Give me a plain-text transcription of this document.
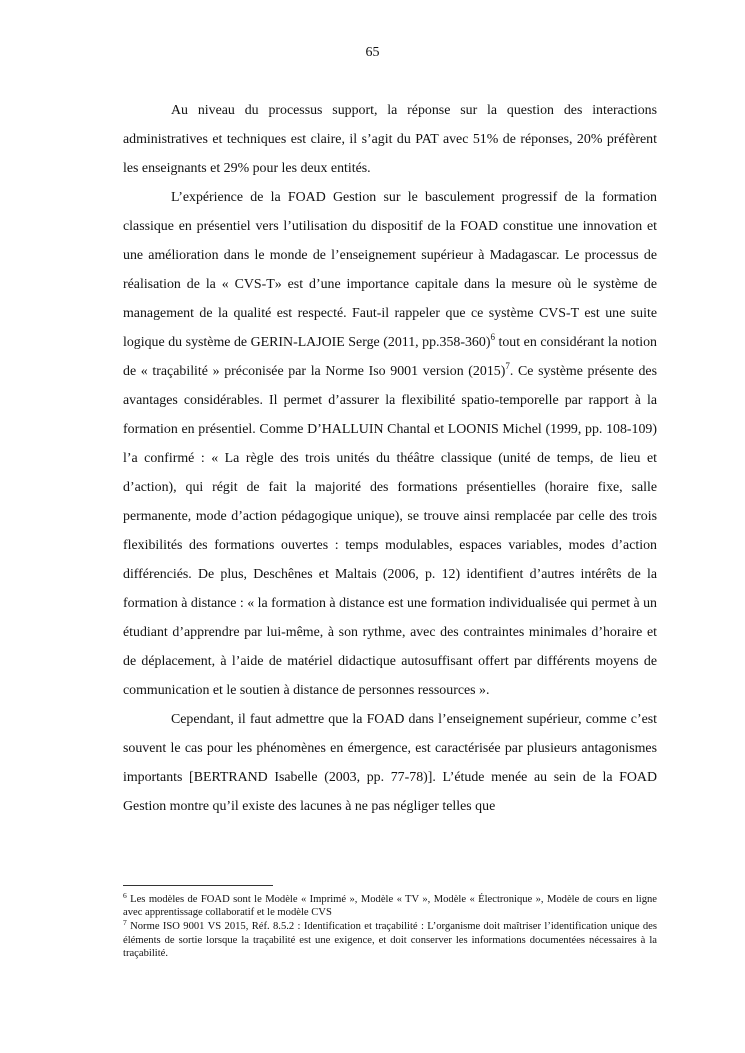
65

Au niveau du processus support, la réponse sur la question des interactions administratives et techniques est claire, il s’agit du PAT avec 51% de réponses, 20% préfèrent les enseignants et 29% pour les deux entités.

L’expérience de la FOAD Gestion sur le basculement progressif de la formation classique en présentiel vers l’utilisation du dispositif de la FOAD constitue une innovation et une amélioration dans le monde de l’enseignement supérieur à Madagascar. Le processus de réalisation de la « CVS-T» est d’une importance capitale dans la mesure où le système de management de la qualité est respecté. Faut-il rappeler que ce système CVS-T est une suite logique du système de GERIN-LAJOIE Serge (2011, pp.358-360)$^6$ tout en considérant la notion de « traçabilité » préconisée par la Norme Iso 9001 version $(2015)^7$. Ce système présente des avantages considérables. Il permet d’assurer la flexibilité spatio-temporelle par rapport à la formation en présentiel. Comme D’HALLUIN Chantal et LOONIS Michel (1999, pp. 108-109) l’a confirmé : « La règle des trois unités du théâtre classique (unité de temps, de lieu et d’action), qui régit de fait la majorité des formations présentielles (horaire fixe, salle permanente, mode d’action pédagogique unique), se trouve ainsi remplacée par celle des trois flexibilités des formations ouvertes : temps modulables, espaces variables, modes d’action différenciés. De plus, Deschênes et Maltais (2006, p. 12) identifient d’autres intérêts de la formation à distance : « la formation à distance est une formation individualisée qui permet à un étudiant d’apprendre par lui-même, à son rythme, avec des contraintes minimales d’horaire et de déplacement, à l’aide de matériel didactique autosuffisant offert par différents moyens de communication et le soutien à distance de personnes ressources ».

Cependant, il faut admettre que la FOAD dans l’enseignement supérieur, comme c’est souvent le cas pour les phénomènes en émergence, est caractérisée par plusieurs antagonismes importants [BERTRAND Isabelle (2003, pp. 77-78)]. L’étude menée au sein de la FOAD Gestion montre qu’il existe des lacunes à ne pas négliger telles que

$^6$ Les modèles de FOAD sont le Modèle « Imprimé », Modèle « TV », Modèle « Électronique », Modèle de cours en ligne avec apprentissage collaboratif et le modèle CVS

$^7$ Norme ISO 9001 VS 2015, Réf. 8.5.2 : Identification et traçabilité : L’organisme doit maîtriser l’identification unique des éléments de sortie lorsque la traçabilité est une exigence, et doit conserver les informations documentées nécessaires à la traçabilité.
